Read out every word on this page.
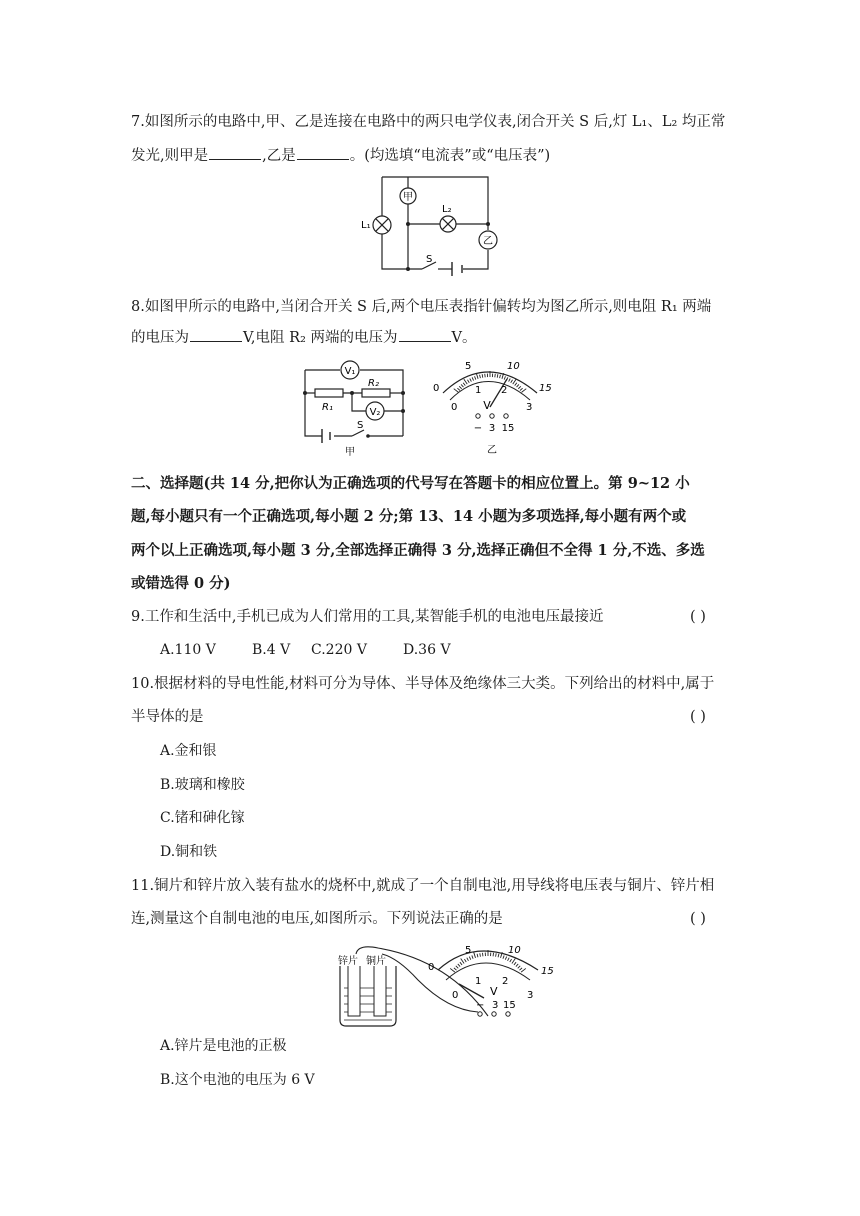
7.如图所示的电路中,甲、乙是连接在电路中的两只电学仪表,闭合开关 S 后,灯 L₁、L₂ 均正常
发光,则甲是	,乙是	。(均选填“电流表”或“电压表”)
甲
乙
L₁
L₂
S
8.如图甲所示的电路中,当闭合开关 S 后,两个电压表指针偏转均为图乙所示,则电阻 R₁ 两端
的电压为	V,电阻 R₂ 两端的电压为	V。
V₁
V₂
R₁
R₂
S
甲
0
5	10
15
0
1 2
3
V
− 3 15
乙
二、选择题(共 14 分,把你认为正确选项的代号写在答题卡的相应位置上。第 9~12 小
题,每小题只有一个正确选项,每小题 2 分;第 13、14 小题为多项选择,每小题有两个或
两个以上正确选项,每小题 3 分,全部选择正确得 3 分,选择正确但不全得 1 分,不选、多选
或错选得 0 分)
9.工作和生活中,手机已成为人们常用的工具,某智能手机的电池电压最接近	( )
A.110 V	B.4 V C.220 V	D.36 V
10.根据材料的导电性能,材料可分为导体、半导体及绝缘体三大类。下列给出的材料中,属于
半导体的是	( )
A.金和银
B.玻璃和橡胶
C.锗和砷化镓
D.铜和铁
11.铜片和锌片放入装有盐水的烧杯中,就成了一个自制电池,用导线将电压表与铜片、锌片相
连,测量这个自制电池的电压,如图所示。下列说法正确的是	( )
锌片 铜片
0
5	10
15
0
1 2
3
V
− 3 15
A.锌片是电池的正极
B.这个电池的电压为 6 V
